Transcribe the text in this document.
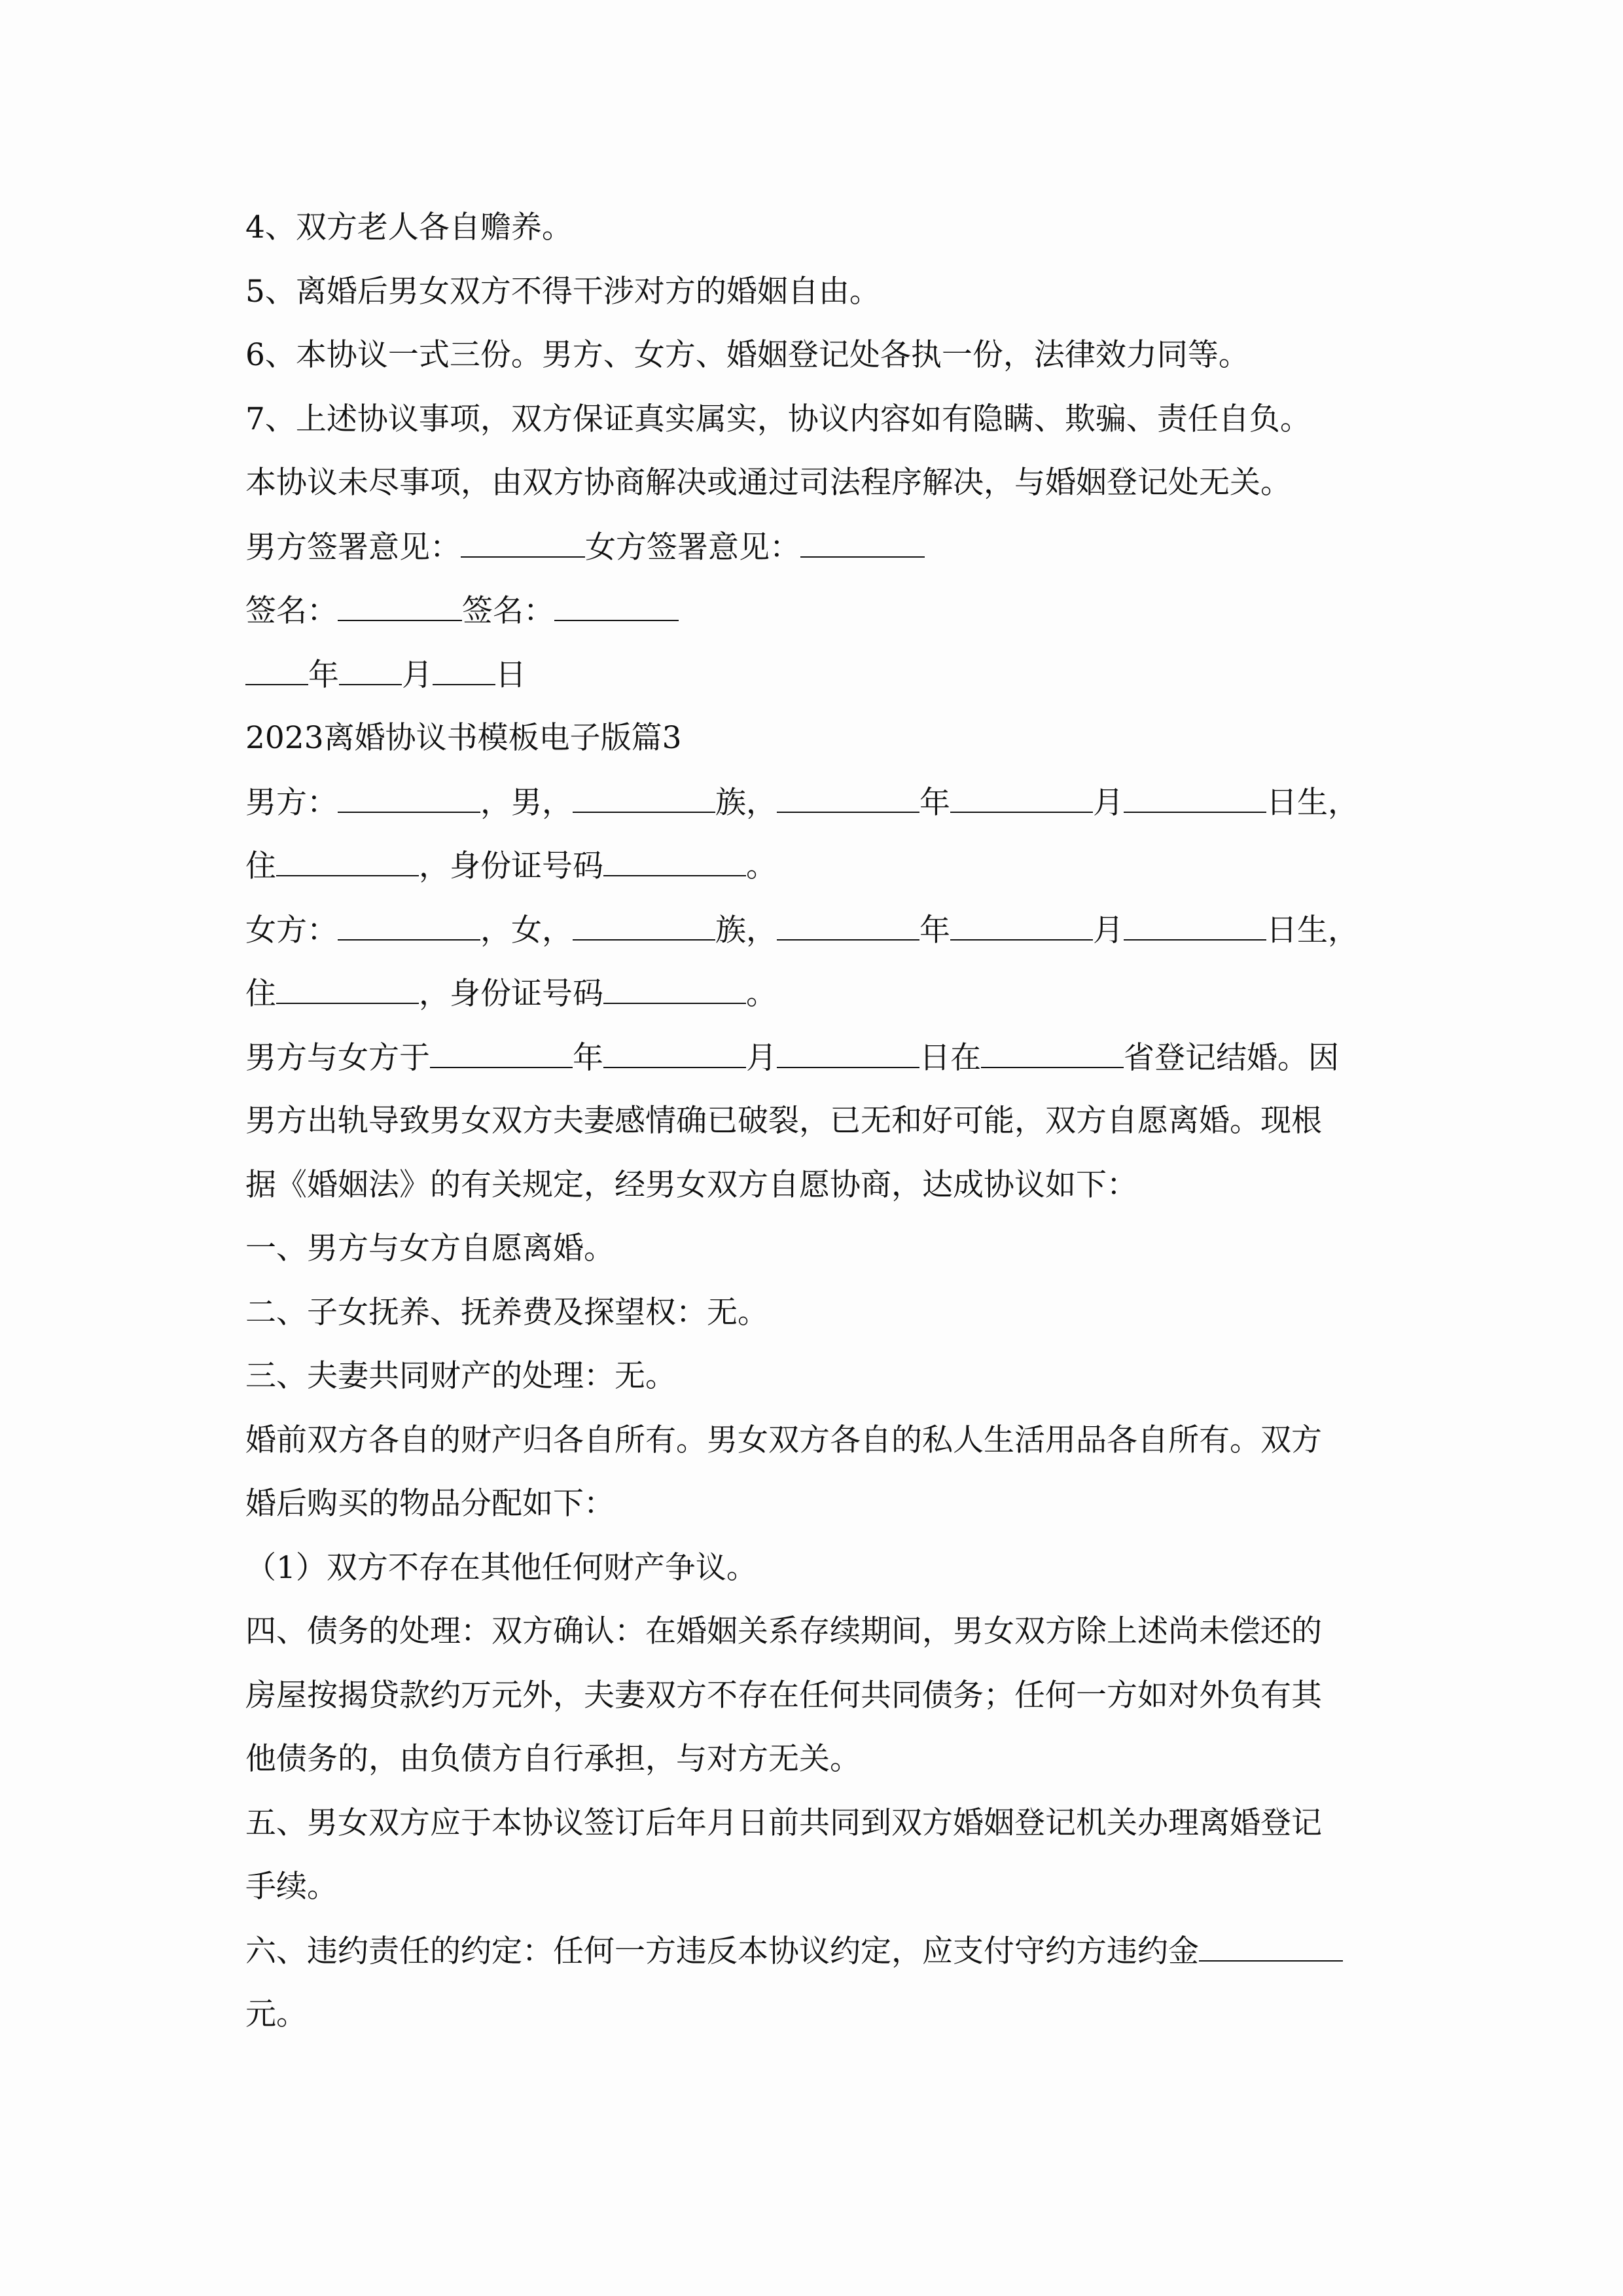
4、双方老人各自赡养。
5、离婚后男女双方不得干涉对方的婚姻自由。
6、本协议一式三份。男方、女方、婚姻登记处各执一份，法律效力同等。
7、上述协议事项，双方保证真实属实，协议内容如有隐瞒、欺骗、责任自负。
本协议未尽事项，由双方协商解决或通过司法程序解决，与婚姻登记处无关。
男方签署意见：	女方签署意见：
签名：	签名：
年 月 日
2023离婚协议书模板电子版篇3
男方：	，男，	族，	年	月	日生，
住	，身份证号码	。
女方：	，女，	族，	年	月	日生，
住	，身份证号码	。
男方与女方于	年	月	日在	省登记结婚。因
男方出轨导致男女双方夫妻感情确已破裂，已无和好可能，双方自愿离婚。现根
据《婚姻法》的有关规定，经男女双方自愿协商，达成协议如下：
一、男方与女方自愿离婚。
二、子女抚养、抚养费及探望权：无。
三、夫妻共同财产的处理：无。
婚前双方各自的财产归各自所有。男女双方各自的私人生活用品各自所有。双方
婚后购买的物品分配如下：
（1）双方不存在其他任何财产争议。
四、债务的处理：双方确认：在婚姻关系存续期间，男女双方除上述尚未偿还的
房屋按揭贷款约万元外，夫妻双方不存在任何共同债务；任何一方如对外负有其
他债务的，由负债方自行承担，与对方无关。
五、男女双方应于本协议签订后年月日前共同到双方婚姻登记机关办理离婚登记
手续。
六、违约责任的约定：任何一方违反本协议约定，应支付守约方违约金
元。
